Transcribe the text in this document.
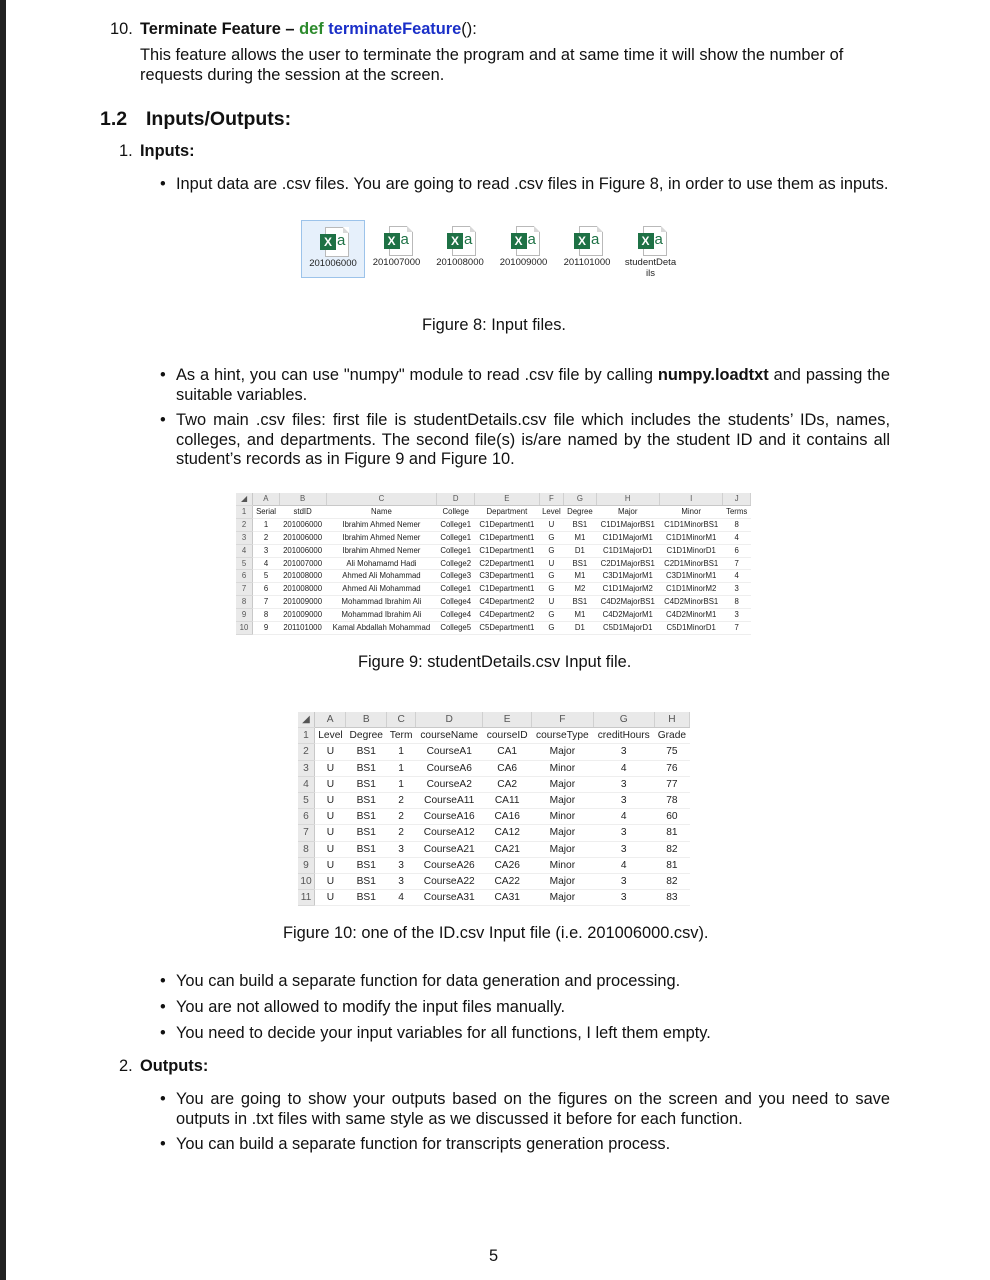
10. Terminate Feature – def terminateFeature():
This feature allows the user to terminate the program and at same time it will show the number of requests during the session at the screen.
1.2 Inputs/Outputs:
1. Inputs:
• Input data are .csv files. You are going to read .csv files in Figure 8, in order to use them as inputs.
X a
201006000
X a
201007000
X a
201008000
X a
201009000
X a
201101000
X a
studentDetails
Figure 8: Input files.
• As a hint, you can use "numpy" module to read .csv file by calling numpy.loadtxt and passing the suitable variables.
• Two main .csv files: first file is studentDetails.csv file which includes the students’ IDs, names, colleges, and departments. The second file(s) is/are named by the student ID and it contains all student’s records as in Figure 9 and Figure 10.
◢	A	B	C	D	E	F	G	H	I	J
1	Serial	stdID	Name	College	Department	Level	Degree	Major	Minor	Terms
2	1	201006000	Ibrahim Ahmed Nemer	College1	C1Department1	U	BS1	C1D1MajorBS1	C1D1MinorBS1	8
3	2	201006000	Ibrahim Ahmed Nemer	College1	C1Department1	G	M1	C1D1MajorM1	C1D1MinorM1	4
4	3	201006000	Ibrahim Ahmed Nemer	College1	C1Department1	G	D1	C1D1MajorD1	C1D1MinorD1	6
5	4	201007000	Ali Mohamamd Hadi	College2	C2Department1	U	BS1	C2D1MajorBS1	C2D1MinorBS1	7
6	5	201008000	Ahmed Ali Mohammad	College3	C3Department1	G	M1	C3D1MajorM1	C3D1MinorM1	4
7	6	201008000	Ahmed Ali Mohammad	College1	C1Department1	G	M2	C1D1MajorM2	C1D1MinorM2	3
8	7	201009000	Mohammad Ibrahim Ali	College4	C4Department2	U	BS1	C4D2MajorBS1	C4D2MinorBS1	8
9	8	201009000	Mohammad Ibrahim Ali	College4	C4Department2	G	M1	C4D2MajorM1	C4D2MinorM1	3
10	9	201101000	Kamal Abdallah Mohammad	College5	C5Department1	G	D1	C5D1MajorD1	C5D1MinorD1	7
Figure 9: studentDetails.csv Input file.
◢	A	B	C	D	E	F	G	H
1	Level	Degree	Term	courseName	courseID	courseType	creditHours	Grade
2	U	BS1	1	CourseA1	CA1	Major	3	75
3	U	BS1	1	CourseA6	CA6	Minor	4	76
4	U	BS1	1	CourseA2	CA2	Major	3	77
5	U	BS1	2	CourseA11	CA11	Major	3	78
6	U	BS1	2	CourseA16	CA16	Minor	4	60
7	U	BS1	2	CourseA12	CA12	Major	3	81
8	U	BS1	3	CourseA21	CA21	Major	3	82
9	U	BS1	3	CourseA26	CA26	Minor	4	81
10	U	BS1	3	CourseA22	CA22	Major	3	82
11	U	BS1	4	CourseA31	CA31	Major	3	83
Figure 10: one of the ID.csv Input file (i.e. 201006000.csv).
• You can build a separate function for data generation and processing.
• You are not allowed to modify the input files manually.
• You need to decide your input variables for all functions, I left them empty.
2. Outputs:
• You are going to show your outputs based on the figures on the screen and you need to save outputs in .txt files with same style as we discussed it before for each function.
• You can build a separate function for transcripts generation process.
5
